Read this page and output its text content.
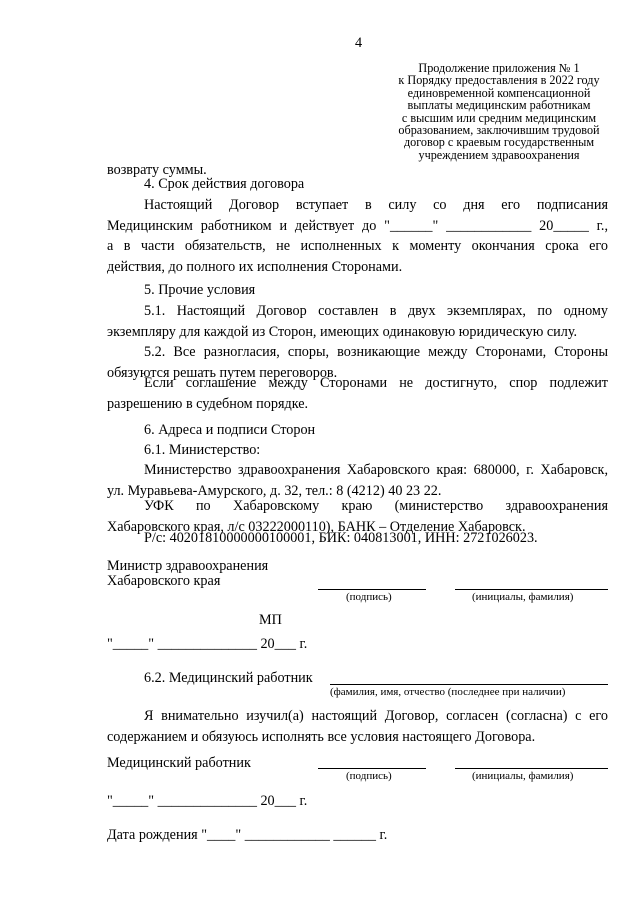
4
Продолжение приложения № 1
к Порядку предоставления в 2022 году
единовременной компенсационной
выплаты медицинским работникам
с высшим или средним медицинским
образованием, заключившим трудовой
договор с краевым государственным
учреждением здравоохранения
возврату суммы.
4. Срок действия договора
Настоящий Договор вступает в силу со дня его подписания
Медицинским работником и действует до "______" ____________ 20_____ г.,
а в части обязательств, не исполненных к моменту окончания срока его
действия, до полного их исполнения Сторонами.
5. Прочие условия
5.1. Настоящий Договор составлен в двух экземплярах, по одному
экземпляру для каждой из Сторон, имеющих одинаковую юридическую силу.
5.2. Все разногласия, споры, возникающие между Сторонами, Стороны
обязуются решать путем переговоров.
Если соглашение между Сторонами не достигнуто, спор подлежит
разрешению в судебном порядке.
6. Адреса и подписи Сторон
6.1. Министерство:
Министерство здравоохранения Хабаровского края: 680000, г. Хабаровск,
ул. Муравьева-Амурского, д. 32, тел.: 8 (4212) 40 23 22.
УФК по Хабаровскому краю (министерство здравоохранения
Хабаровского края, л/с 03222000110), БАНК – Отделение Хабаровск.
Р/с: 40201810000000100001, БИК: 040813001, ИНН: 2721026023.
Министр здравоохранения
Хабаровского края
(подпись)	(инициалы, фамилия)
МП
"_____" ______________ 20___ г.
6.2. Медицинский работник
(фамилия, имя, отчество (последнее при наличии)
Я внимательно изучил(а) настоящий Договор, согласен (согласна) с его
содержанием и обязуюсь исполнять все условия настоящего Договора.
Медицинский работник
(подпись)	(инициалы, фамилия)
"_____" ______________ 20___ г.
Дата рождения "____" ____________ ______ г.
